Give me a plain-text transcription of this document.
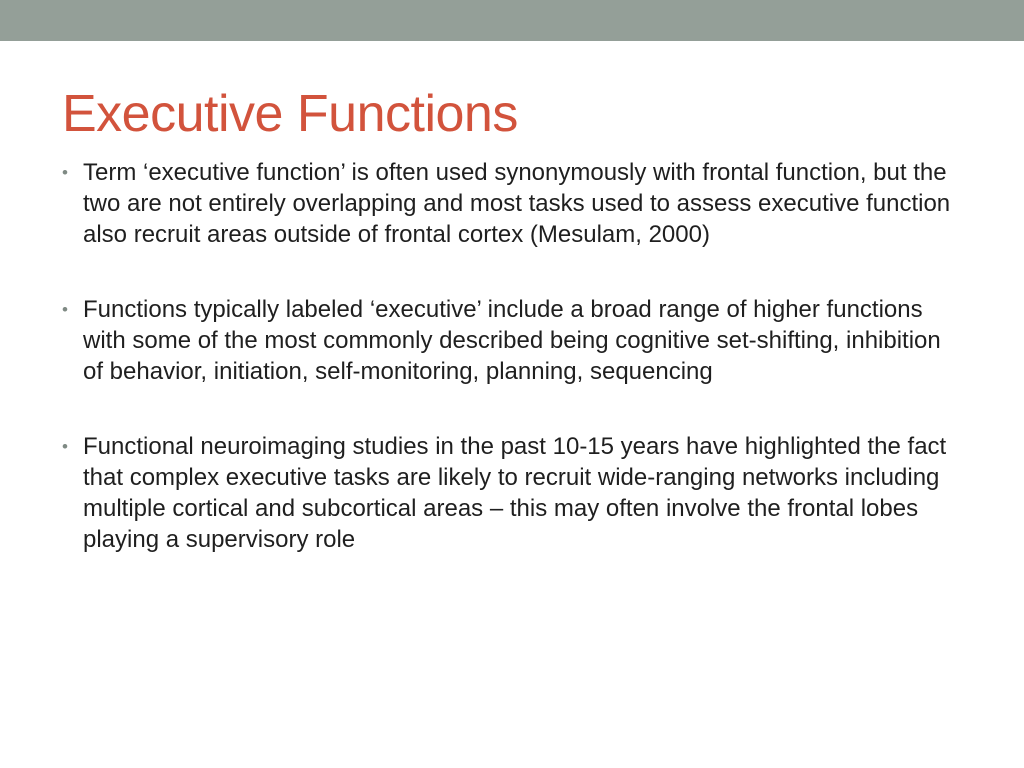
Executive Functions
• Term ‘executive function’ is often used synonymously with frontal function, but the two are not entirely overlapping and most tasks used to assess executive function also recruit areas outside of frontal cortex (Mesulam, 2000)
• Functions typically labeled ‘executive’ include a broad range of higher functions with some of the most commonly described being cognitive set-shifting, inhibition of behavior, initiation, self-monitoring, planning, sequencing
• Functional neuroimaging studies in the past 10-15 years have highlighted the fact that complex executive tasks are likely to recruit wide-ranging networks including multiple cortical and subcortical areas – this may often involve the frontal lobes playing a supervisory role
